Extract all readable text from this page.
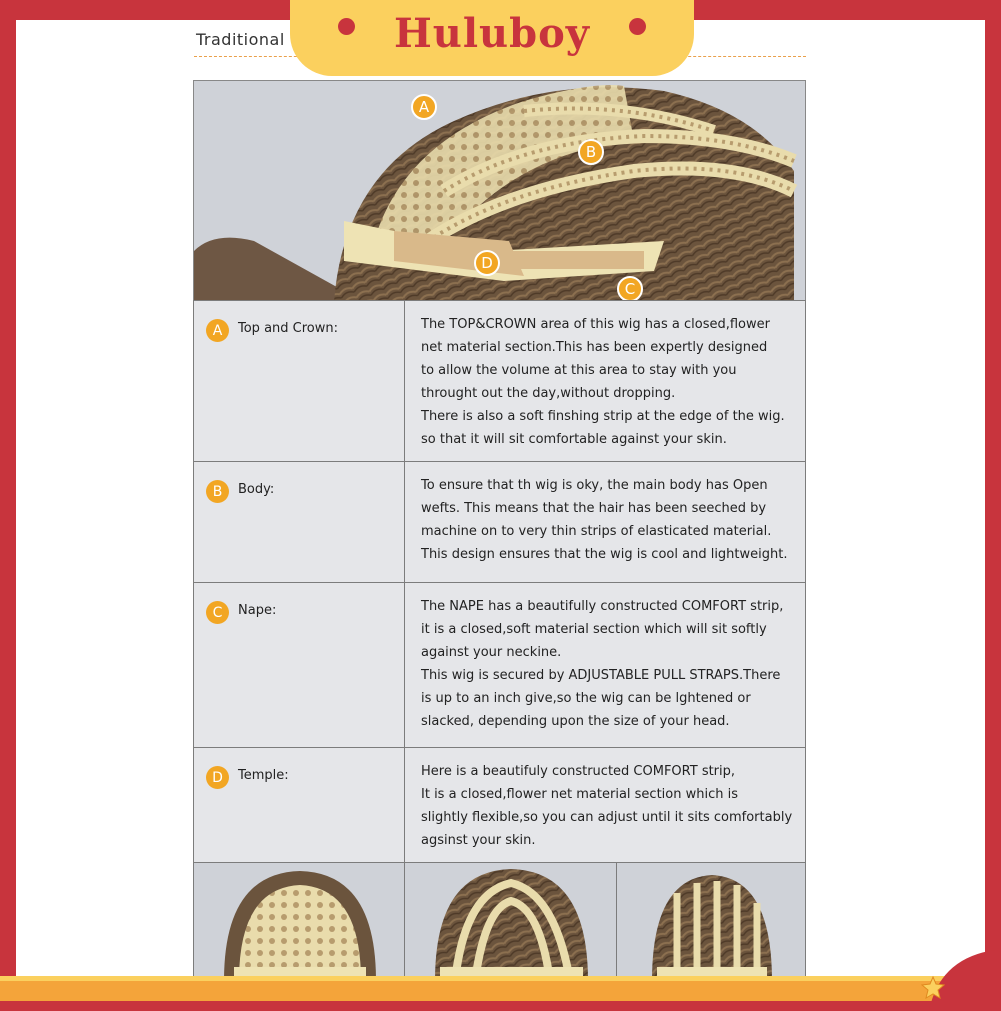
Traditional	Huluboy
A
B
C
D
A	Top and Crown:	The TOP&CROWN area of this wig has a closed,flower
net material section.This has been expertly designed
to allow the volume at this area to stay with you
throught out the day,without dropping.
There is also a soft finshing strip at the edge of the wig.
so that it will sit comfortable against your skin.
B	Body:	To ensure that th wig is oky, the main body has Open
wefts. This means that the hair has been seeched by
machine on to very thin strips of elasticated material.
This design ensures that the wig is cool and lightweight.
C	Nape:	The NAPE has a beautifully constructed COMFORT strip,
it is a closed,soft material section which will sit softly
against your neckine.
This wig is secured by ADJUSTABLE PULL STRAPS.There
is up to an inch give,so the wig can be lghtened or
slacked, depending upon the size of your head.
D	Temple:	Here is a beautifuly constructed COMFORT strip,
It is a closed,flower net material section which is
slightly flexible,so you can adjust until it sits comfortably
agsinst your skin.
